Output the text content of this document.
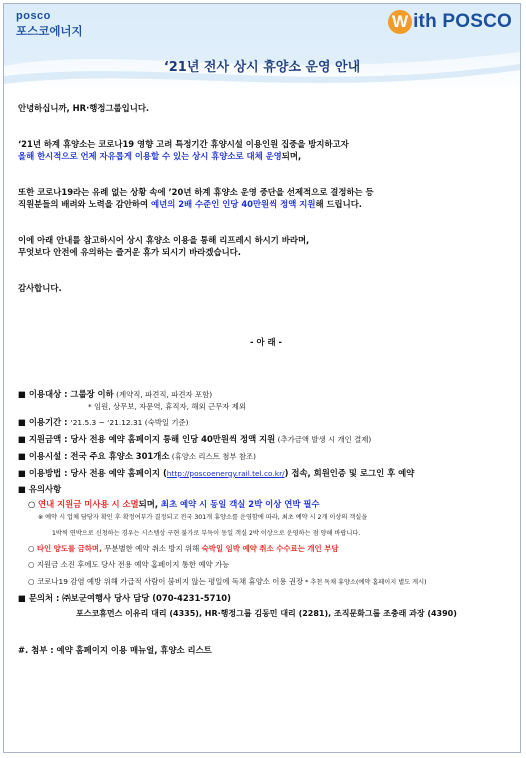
posco
포스코에너지	W ith POSCO
‘21년 전사 상시 휴양소 운영 안내

안녕하십니까, HR·행정그룹입니다.

‘21년 하계 휴양소는 코로나19 영향 고려 특정기간 휴양시설 이용인원 집중을 방지하고자

올해 한시적으로 언제 자유롭게 이용할 수 있는 상시 휴양소로 대체 운영되며,

또한 코로나19라는 유례 없는 상황 속에 ’20년 하계 휴양소 운영 중단을 선제적으로 결정하는 등

직원분들의 배려와 노력을 감안하여 예년의 2배 수준인 인당 40만원씩 정액 지원해 드립니다.

이에 아래 안내를 참고하시어 상시 휴양소 이용을 통해 리프레시 하시기 바라며,

무엇보다 안전에 유의하는 즐거운 휴가 되시기 바라겠습니다.

감사합니다.

- 아 래 -

■ 이용대상 : 그룹장 이하 (계약직, 파견직, 파견자 포함)

* 임원, 상무보, 자문역, 휴직자, 해외 근무자 제외

■ 이용기간 : ‘21.5.3 ~ ‘21.12.31 (숙박일 기준)

■ 지원금액 : 당사 전용 예약 홈페이지 통해 인당 40만원씩 정액 지원 (추가금액 발생 시 개인 결제)

■ 이용시설 : 전국 주요 휴양소 301개소 (휴양소 리스트 첨부 참조)

■ 이용방법 : 당사 전용 예약 홈페이지 (http://poscoenergy.rail.tel.co.kr/) 접속, 회원인증 및 로그인 후 예약

■ 유의사항

○ 연내 지원금 미사용 시 소멸되며, 최초 예약 시 동일 객실 2박 이상 연박 필수

※ 예약 시 업체 담당자 확인 후 확정여부가 결정되고 전국 301개 휴양소를 운영함에 따라, 최초 예약 시 2개 이상의 객실을

1박씩 연박으로 신청하는 경우는 시스템상 구현 불가로 부득이 동일 객실 2박 이상으로 운영하는 점 양해 바랍니다.

○ 타인 양도를 금하며, 무분별한 예약 취소 방지 위해 숙박일 임박 예약 취소 수수료는 개인 부담

○ 지원금 소진 후에도 당사 전용 예약 홈페이지 통한 예약 가능

○ 코로나19 감염 예방 위해 가급적 사람이 붐비지 않는 평일에 독채 휴양소 이용 권장 * 추천 독채 휴양소(예약 홈페이지 별도 게시)

■ 문의처 : ㈜보군여행사 당사 담당 (070-4231-5710)

포스코휴먼스 이유리 대리 (4335), HR·행정그룹 김동민 대리 (2281), 조직문화그룹 조충래 과장 (4390)

#. 첨부 : 예약 홈페이지 이용 매뉴얼, 휴양소 리스트
